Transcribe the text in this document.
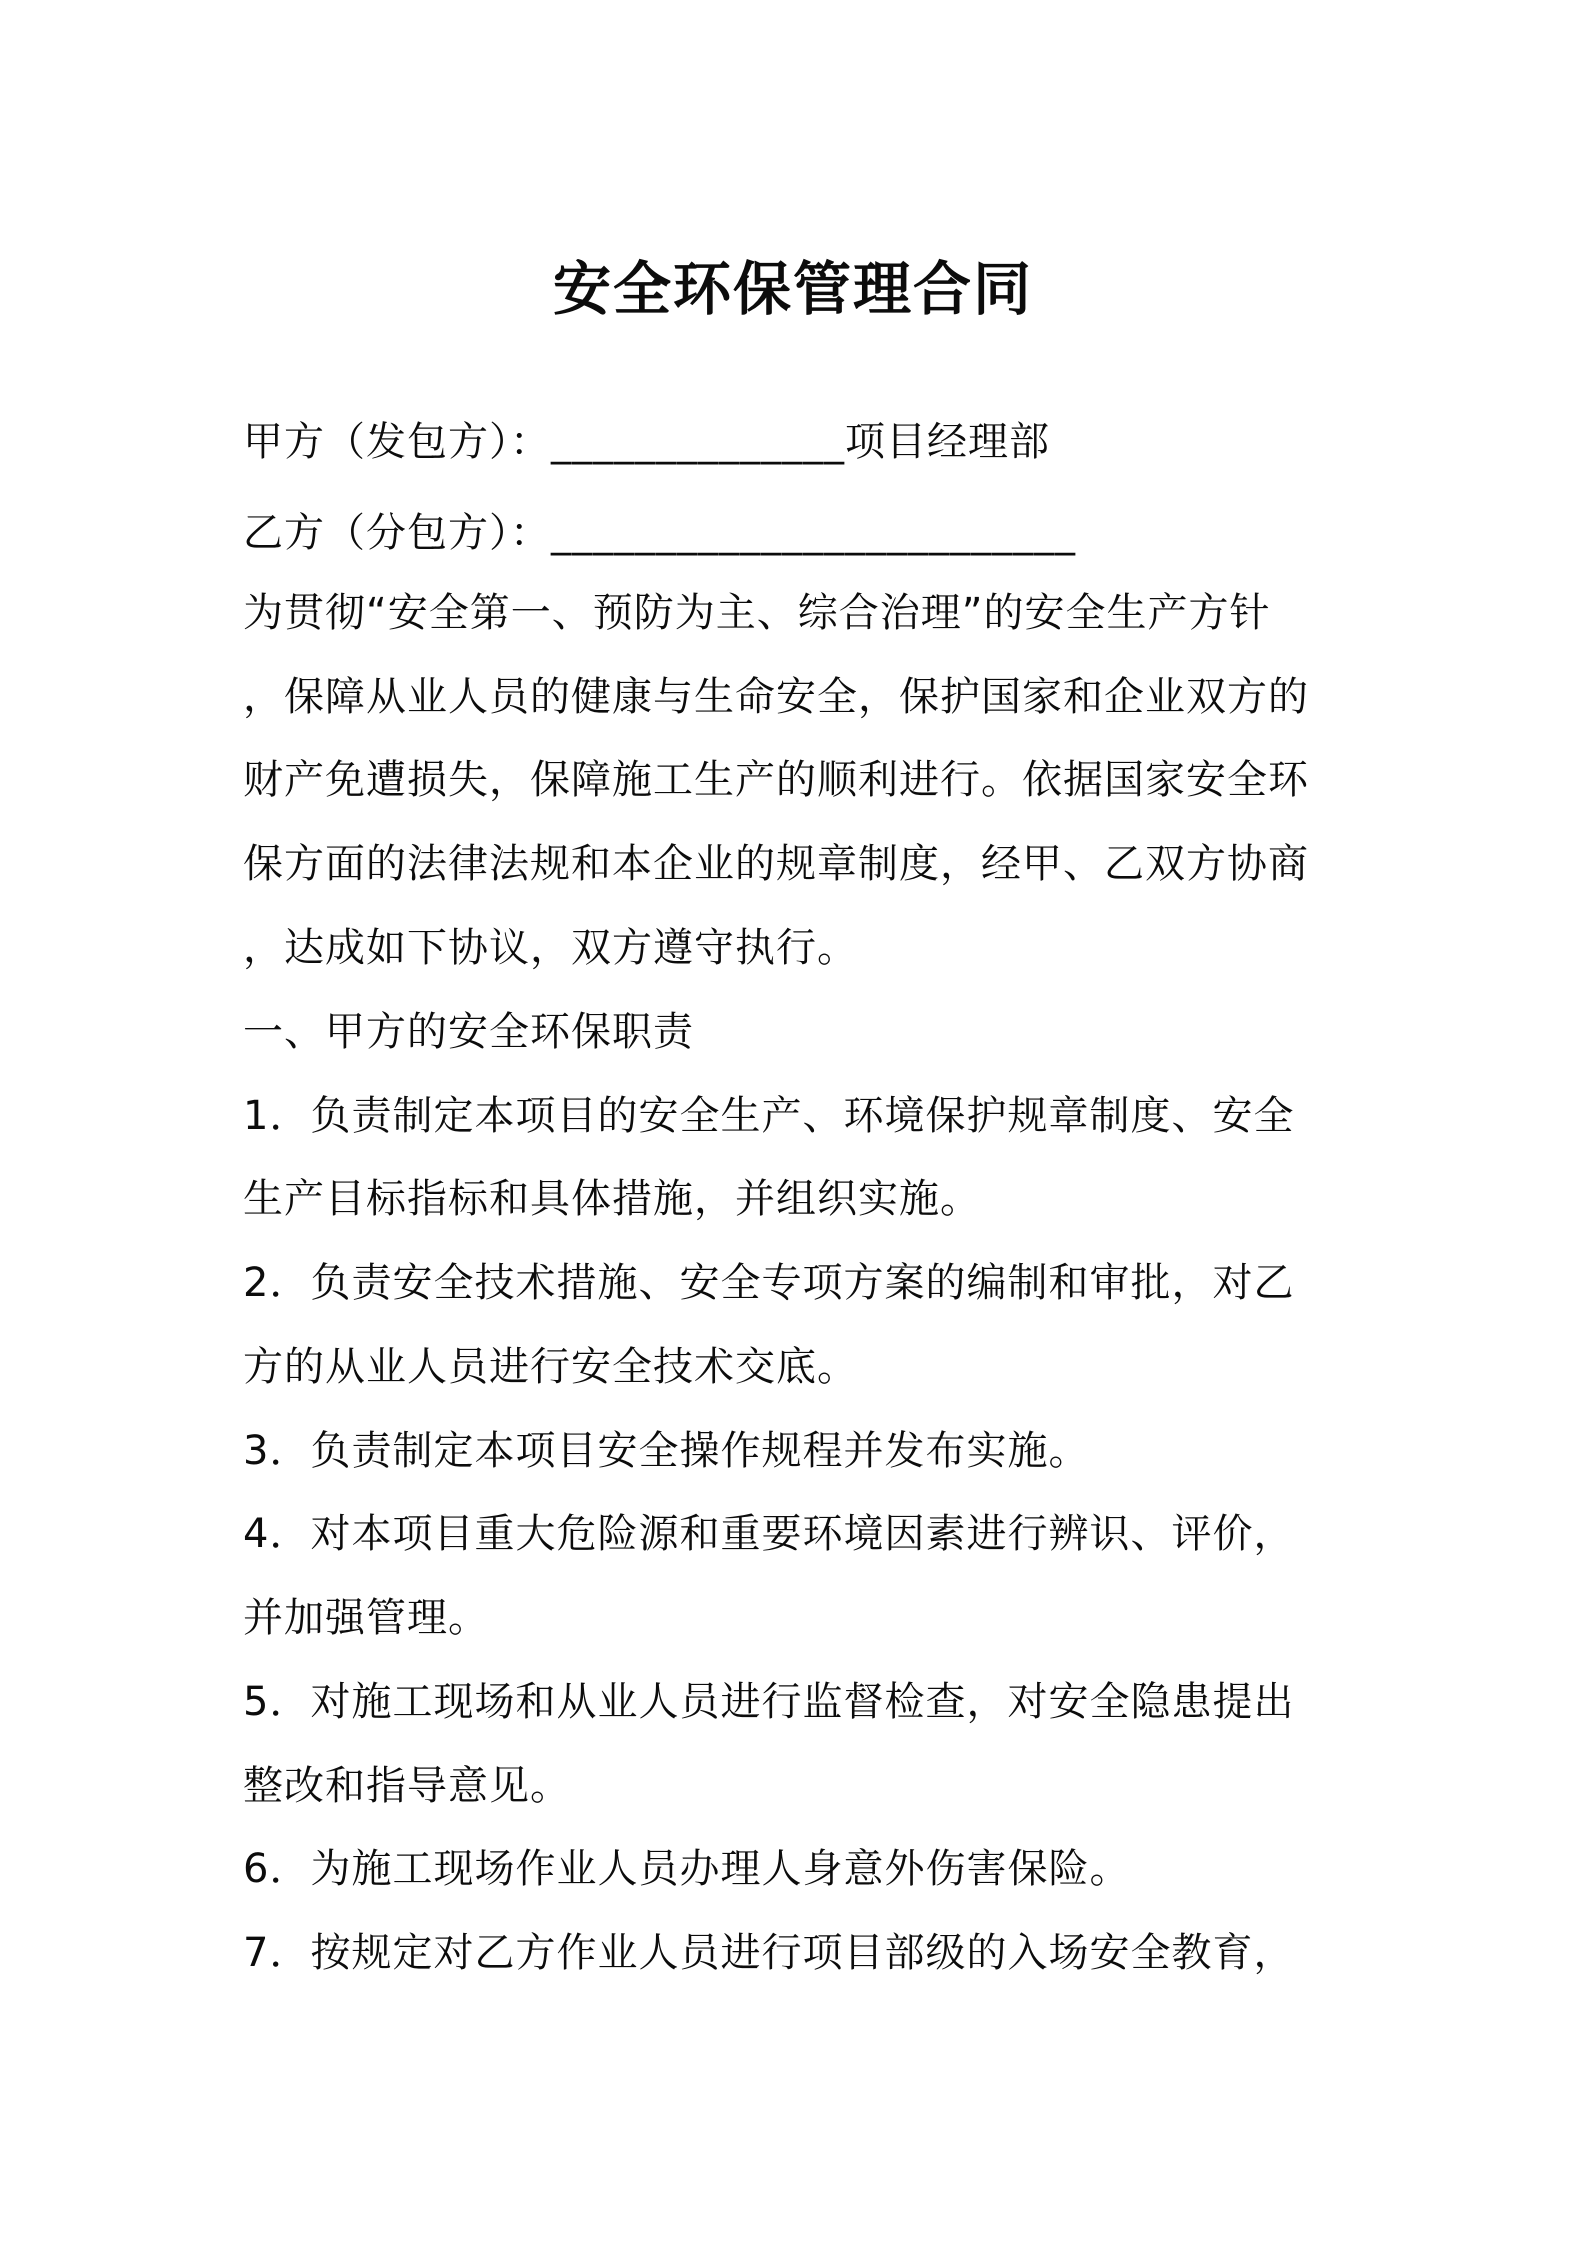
安全环保管理合同

甲方（发包方）：______________项目经理部

乙方（分包方）：_________________________

为贯彻“安全第一、预防为主、综合治理”的安全生产方针

，保障从业人员的健康与生命安全，保护国家和企业双方的

财产免遭损失，保障施工生产的顺利进行。依据国家安全环

保方面的法律法规和本企业的规章制度，经甲、乙双方协商

，达成如下协议，双方遵守执行。

一、甲方的安全环保职责

1．负责制定本项目的安全生产、环境保护规章制度、安全

生产目标指标和具体措施，并组织实施。

2．负责安全技术措施、安全专项方案的编制和审批，对乙

方的从业人员进行安全技术交底。

3．负责制定本项目安全操作规程并发布实施。

4．对本项目重大危险源和重要环境因素进行辨识、评价，

并加强管理。

5．对施工现场和从业人员进行监督检查，对安全隐患提出

整改和指导意见。

6．为施工现场作业人员办理人身意外伤害保险。

7．按规定对乙方作业人员进行项目部级的入场安全教育，
